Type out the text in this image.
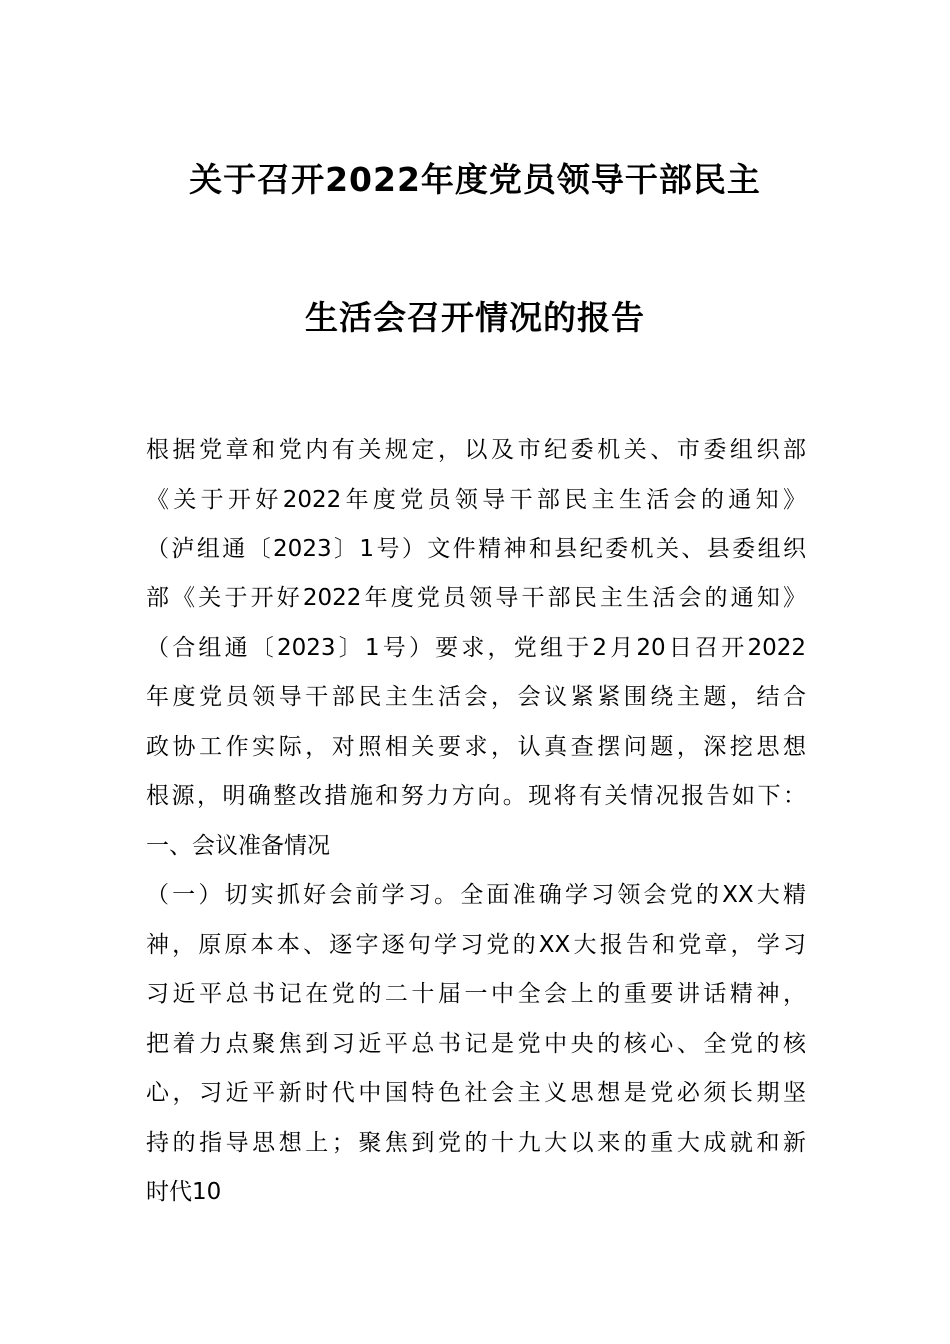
关于召开2022年度党员领导干部民主
生活会召开情况的报告
根据党章和党内有关规定，以及市纪委机关、市委组织部
《关于开好2022年度党员领导干部民主生活会的通知》
（泸组通〔2023〕1号）文件精神和县纪委机关、县委组织
部《关于开好2022年度党员领导干部民主生活会的通知》
（合组通〔2023〕1号）要求，党组于2月20日召开2022
年度党员领导干部民主生活会，会议紧紧围绕主题，结合
政协工作实际，对照相关要求，认真查摆问题，深挖思想
根源，明确整改措施和努力方向。现将有关情况报告如下：
一、会议准备情况
（一）切实抓好会前学习。全面准确学习领会党的XX大精
神，原原本本、逐字逐句学习党的XX大报告和党章，学习
习近平总书记在党的二十届一中全会上的重要讲话精神，
把着力点聚焦到习近平总书记是党中央的核心、全党的核
心，习近平新时代中国特色社会主义思想是党必须长期坚
持的指导思想上；聚焦到党的十九大以来的重大成就和新
时代10
